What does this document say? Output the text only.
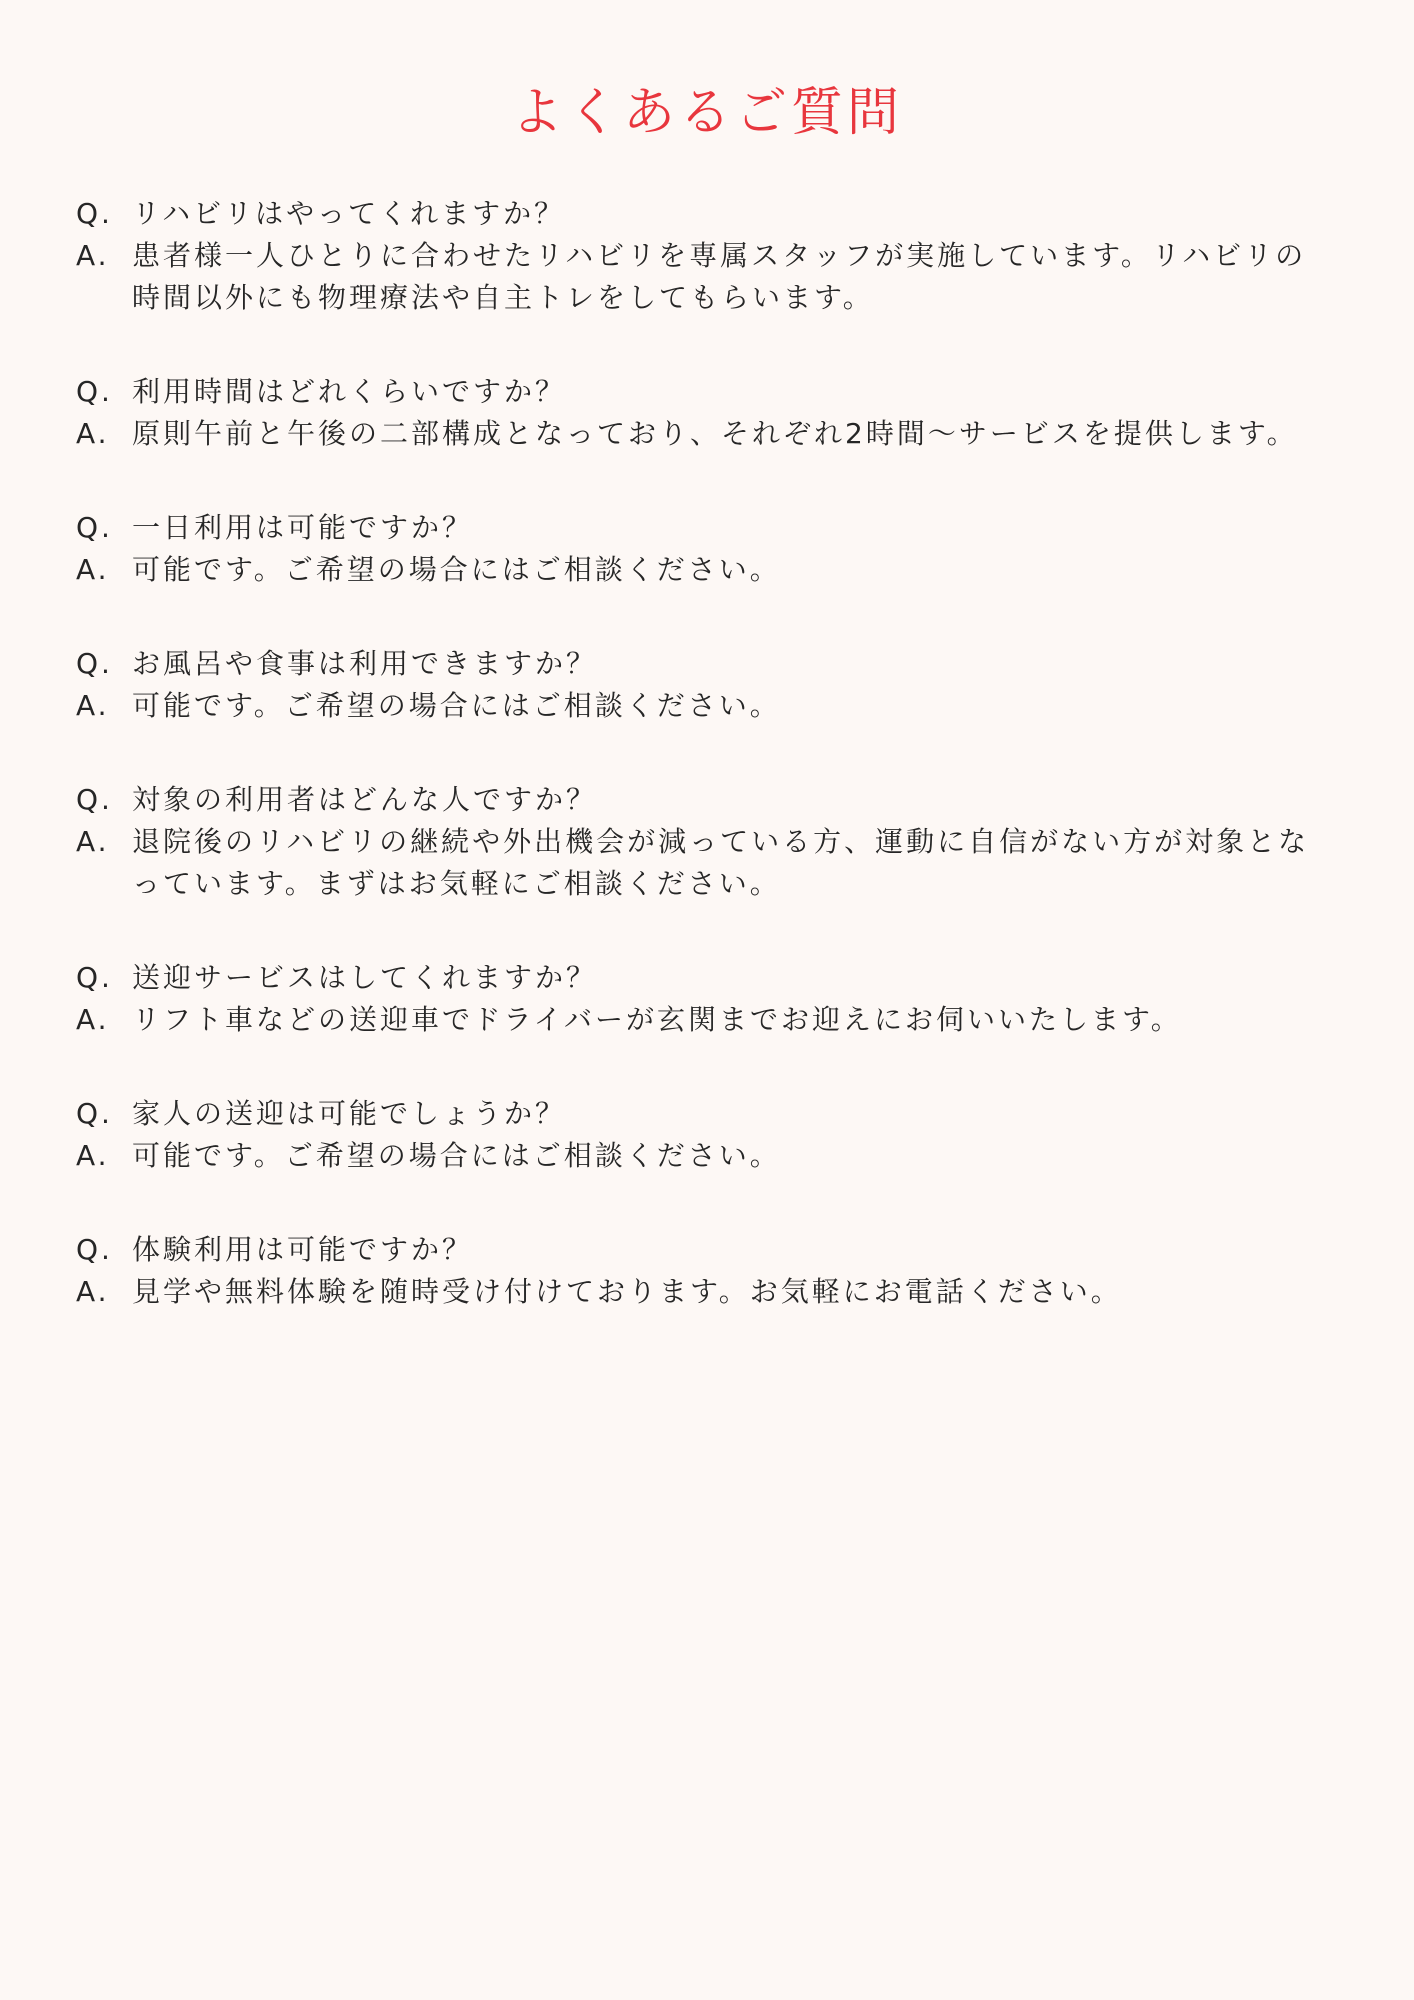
よくあるご質問
Q. リハビリはやってくれますか？
A. 患者様一人ひとりに合わせたリハビリを専属スタッフが実施しています。リハビリの
時間以外にも物理療法や自主トレをしてもらいます。
Q. 利用時間はどれくらいですか？
A. 原則午前と午後の二部構成となっており、それぞれ2時間～サービスを提供します。
Q. 一日利用は可能ですか？
A. 可能です。ご希望の場合にはご相談ください。
Q. お風呂や食事は利用できますか？
A. 可能です。ご希望の場合にはご相談ください。
Q. 対象の利用者はどんな人ですか？
A. 退院後のリハビリの継続や外出機会が減っている方、運動に自信がない方が対象とな
っています。まずはお気軽にご相談ください。
Q. 送迎サービスはしてくれますか？
A. リフト車などの送迎車でドライバーが玄関までお迎えにお伺いいたします。
Q. 家人の送迎は可能でしょうか？
A. 可能です。ご希望の場合にはご相談ください。
Q. 体験利用は可能ですか？
A. 見学や無料体験を随時受け付けております。お気軽にお電話ください。
